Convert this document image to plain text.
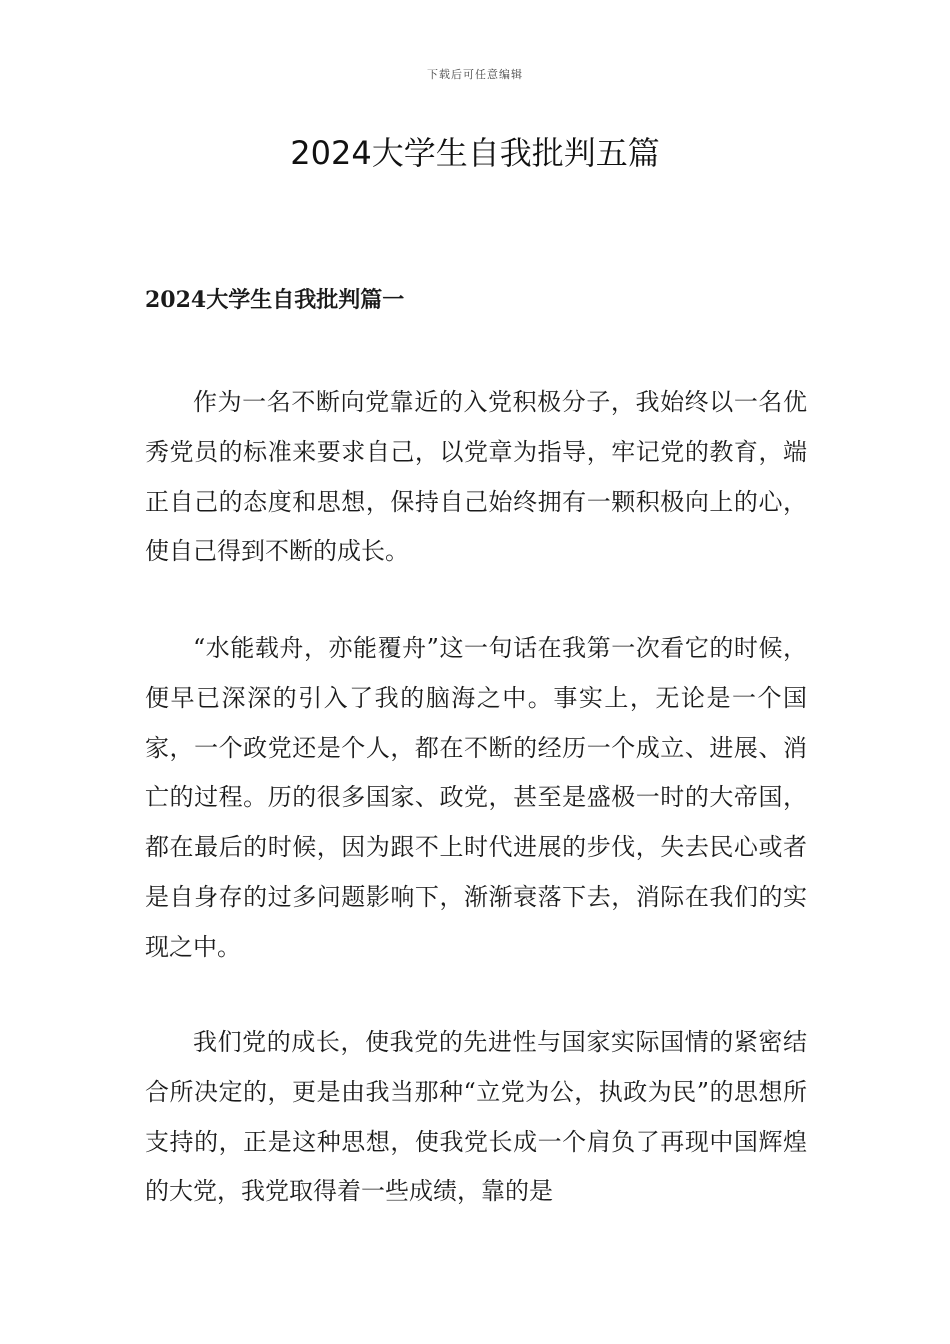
下载后可任意编辑
2024大学生自我批判五篇
2024大学生自我批判篇一

作为一名不断向党靠近的入党积极分子，我始终以一名优秀党员的标准来要求自己，以党章为指导，牢记党的教育，端正自己的态度和思想，保持自己始终拥有一颗积极向上的心，使自己得到不断的成长。

“水能载舟，亦能覆舟”这一句话在我第一次看它的时候，便早已深深的引入了我的脑海之中。事实上，无论是一个国家，一个政党还是个人，都在不断的经历一个成立、进展、消亡的过程。历的很多国家、政党，甚至是盛极一时的大帝国，都在最后的时候，因为跟不上时代进展的步伐，失去民心或者是自身存的过多问题影响下，渐渐衰落下去，消际在我们的实现之中。

我们党的成长，使我党的先进性与国家实际国情的紧密结合所决定的，更是由我当那种“立党为公，执政为民”的思想所支持的，正是这种思想，使我党长成一个肩负了再现中国辉煌的大党，我党取得着一些成绩，靠的是
